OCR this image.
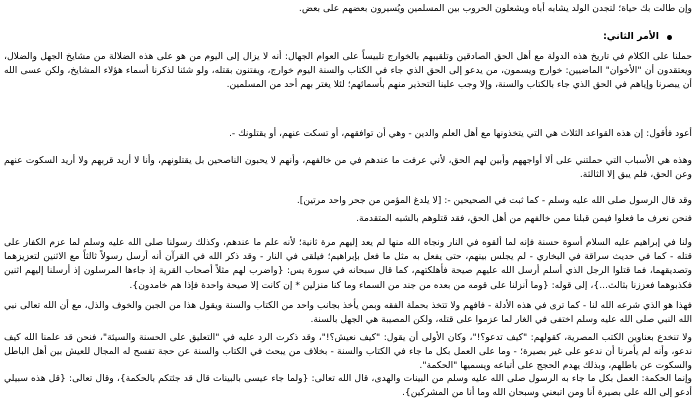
وإن طالت بك حياة؛ لتجدن الولد يشابه أباه ويشعلون الحروب بين المسلمين ويُسيرون بعضهم على بعض.

الأمر الثاني:

حملنا على الكلام في تاريخ هذه الدولة مع أهل الحق الصادقين وتلقيبهم بالخوارج تلبيساً على العوام الجهال: أنه لا يزال إلى اليوم من هو على هذه الضلالة من مشايخ الجهل والضلال، ويعتقدون أن "الأخوان" الماضيين: خوارج ويسمون، من يدعو إلى الحق الذي جاء في الكتاب والسنة اليوم خوارج، ويفتنون بقتله، ولو شئنا لذكرنا أسماء هؤلاء المشايخ، ولكن عسى الله أن يبصرنا وإياهم في الحق الذي جاء بالكتاب والسنة، وإلا وجب علينا التحذير منهم بأسمائهم؛ لئلا يغتر بهم أحد من المسلمين.

أعود فأقول: إن هذه القواعد الثلاث هي التي يتخذونها مع أهل العلم والدين - وهي أن توافقهم، أو تسكت عنهم، أو يقتلونك -.

وهذه هي الأسباب التي حملتني على ألا أواجههم وأبين لهم الحق، لأني عرفت ما عندهم في من خالفهم، وأنهم لا يحبون الناصحين بل يقتلونهم، وأنا لا أريد قربهم ولا أريد السكوت عنهم وعن الحق، فلم يبق إلا الثالثة.

وقد قال الرسول صلى الله عليه وسلم - كما ثبت في الصحيحين -: [لا يلدغ المؤمن من جحر واحد مرتين].

فنحن نعرف ما فعلوا فيمن قبلنا ممن خالفهم من أهل الحق، فقد قتلوهم بالشبه المتقدمة.

ولنا في إبراهيم عليه السلام أسوة حسنة فإنه لما ألقوه في النار ونجاه الله منها لم يعد إليهم مرة ثانية؛ لأنه علم ما عندهم، وكذلك رسولنا صلى الله عليه وسلم لما عزم الكفار على قتله - كما في حديث سراقة في البخاري - لم يجلس بينهم، حتى يفعل به مثل ما فعل بإبراهيم؛ فيلقى في النار - وقد ذكر الله في القرآن أنه أرسل رسولاً ثالثاً مع الاثنين لتعزيزهما وتصديقهما، فما قتلوا الرجل الذي أسلم أرسل الله عليهم صيحة فأهلكتهم، كما قال سبحانه في سورة يس: {واضرب لهم مثلاً أصحاب القرية إذ جاءها المرسلون إذ أرسلنا إليهم اثنين فكذبوهما فعززنا بثالث...}، إلى قوله: {وما أنزلنا على قومه من بعده من جند من السماء وما كنا منزلين * إن كانت إلا صيحة واحدة فإذا هم خامدون}.

فهذا هو الذي شرعه الله لنا - كما ترى في هذه الأدلة - فافهم ولا تتخذ بحملة الفقه وبمن يأخذ بجانب واحد من الكتاب والسنة ويقول هذا من الجبن والخوف والذل، مع أن الله تعالى نبي الله النبي صلى الله عليه وسلم اختفى في الغار لما عزموا على قتله، ولكن المصيبة هي الجهل بالسنة.

ولا تنخدع بعناوين الكتب المصرية، كقولهم: "كيف تدعو؟!"، وكان الأولى أن يقول: "كيف نعيش؟!"، وقد ذكرت الرد عليه في "التعليق على الحسنة والسيئة"، فنحن قد علمنا الله كيف ندعو، وأنه لم يأمرنا أن ندعو على غير بصيرة؛ - وما على العمل بكل ما جاء في الكتاب والسنة - بخلاف من يبحث في الكتاب والسنة عن حجة تفسح له المجال للعيش بين أهل الباطل والسكوت عن باطلهم، وبذلك يهدم الحجج على أتباعه ويسميها "الحكمة".

وإنما الحكمة: العمل بكل ما جاء به الرسول صلى الله عليه وسلم من البينات والهدى، قال الله تعالى: {ولما جاء عيسى بالبينات قال قد جئتكم بالحكمة}، وقال تعالى: {قل هذه سبيلي أدعو إلى الله على بصيرة أنا ومن اتبعني وسبحان الله وما أنا من المشركين}.
